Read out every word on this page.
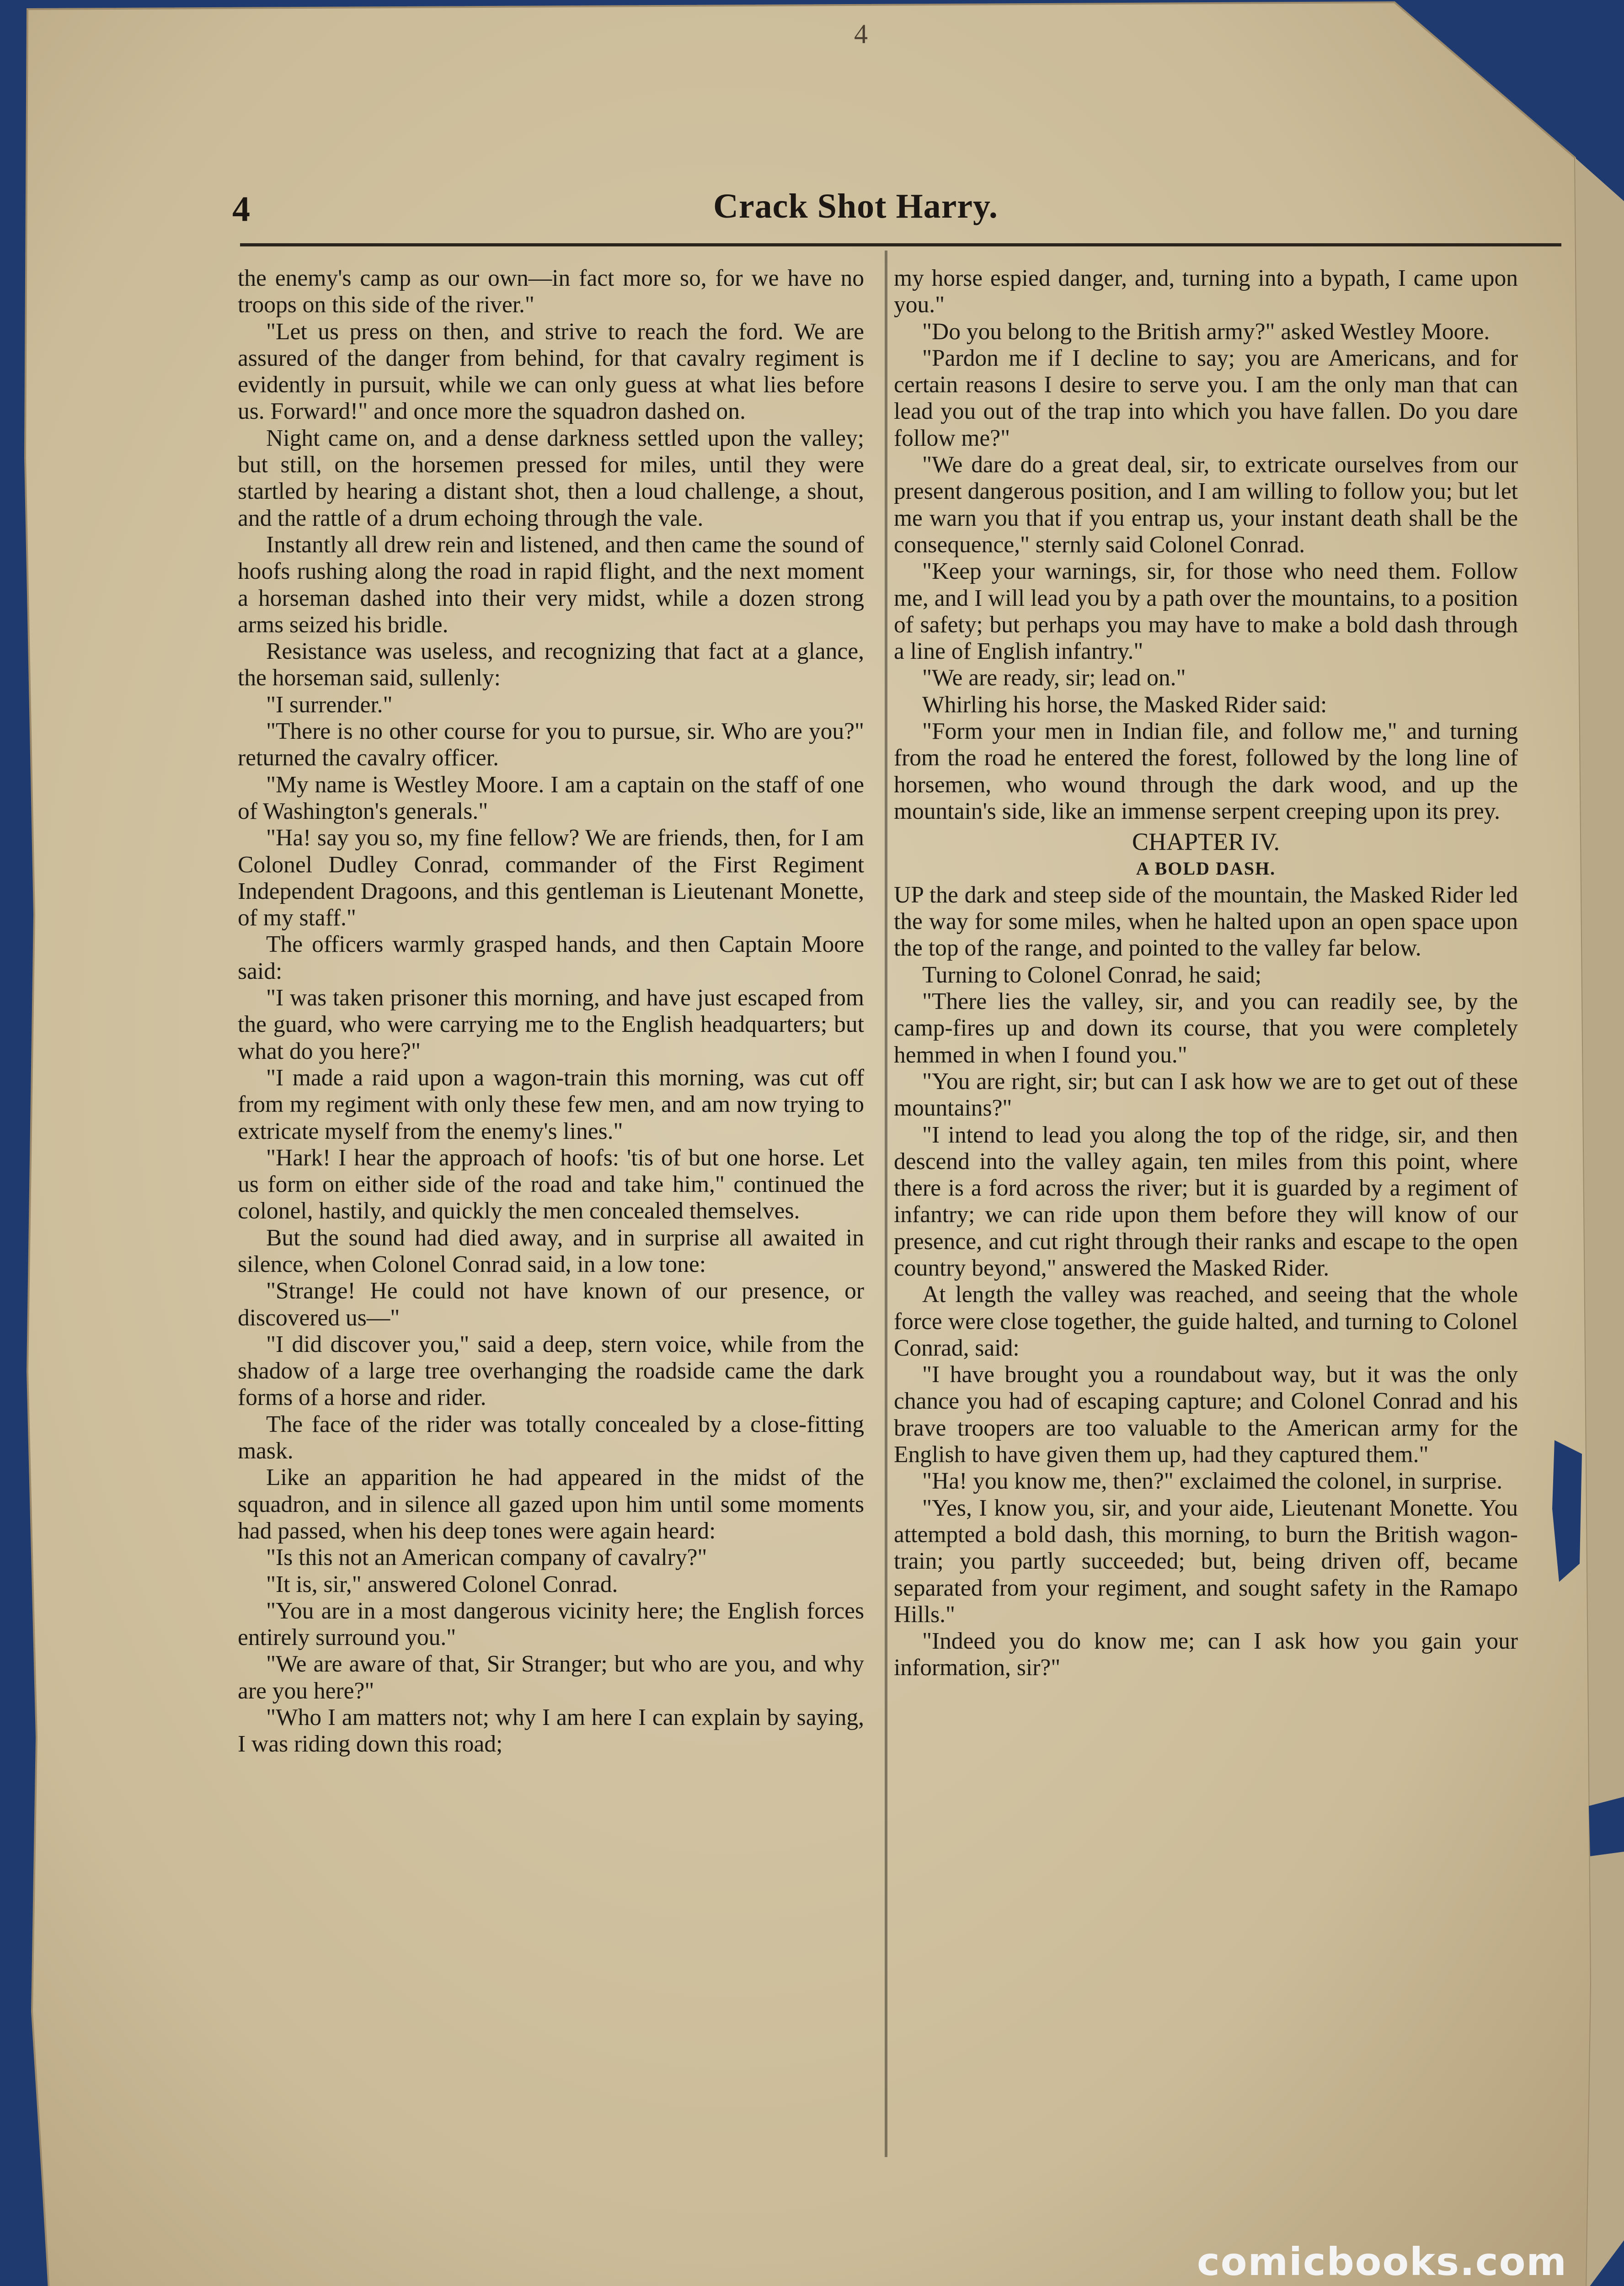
4	Crack Shot Harry.

the enemy's camp as our own—in fact more so, for we have no troops on this side of the river."

"Let us press on then, and strive to reach the ford. We are assured of the danger from behind, for that cavalry regiment is evidently in pursuit, while we can only guess at what lies before us. Forward!" and once more the squadron dashed on.

Night came on, and a dense darkness settled upon the valley; but still, on the horsemen pressed for miles, until they were startled by hearing a distant shot, then a loud challenge, a shout, and the rattle of a drum echoing through the vale.

Instantly all drew rein and listened, and then came the sound of hoofs rushing along the road in rapid flight, and the next moment a horseman dashed into their very midst, while a dozen strong arms seized his bridle.

Resistance was useless, and recognizing that fact at a glance, the horseman said, sullenly:

"I surrender."

"There is no other course for you to pursue, sir. Who are you?" returned the cavalry officer.

"My name is Westley Moore. I am a captain on the staff of one of Washington's generals."

"Ha! say you so, my fine fellow? We are friends, then, for I am Colonel Dudley Conrad, commander of the First Regiment Independent Dragoons, and this gentleman is Lieutenant Monette, of my staff."

The officers warmly grasped hands, and then Captain Moore said:

"I was taken prisoner this morning, and have just escaped from the guard, who were carrying me to the English headquarters; but what do you here?"

"I made a raid upon a wagon-train this morning, was cut off from my regiment with only these few men, and am now trying to extricate myself from the enemy's lines."

"Hark! I hear the approach of hoofs: 'tis of but one horse. Let us form on either side of the road and take him," continued the colonel, hastily, and quickly the men concealed themselves.

But the sound had died away, and in surprise all awaited in silence, when Colonel Conrad said, in a low tone:

"Strange! He could not have known of our presence, or discovered us—"

"I did discover you," said a deep, stern voice, while from the shadow of a large tree overhanging the roadside came the dark forms of a horse and rider.

The face of the rider was totally concealed by a close-fitting mask.

Like an apparition he had appeared in the midst of the squadron, and in silence all gazed upon him until some moments had passed, when his deep tones were again heard:

"Is this not an American company of cavalry?"

"It is, sir," answered Colonel Conrad.

"You are in a most dangerous vicinity here; the English forces entirely surround you."

"We are aware of that, Sir Stranger; but who are you, and why are you here?"

"Who I am matters not; why I am here I can explain by saying, I was riding down this road;

my horse espied danger, and, turning into a bypath, I came upon you."

"Do you belong to the British army?" asked Westley Moore.

"Pardon me if I decline to say; you are Americans, and for certain reasons I desire to serve you. I am the only man that can lead you out of the trap into which you have fallen. Do you dare follow me?"

"We dare do a great deal, sir, to extricate ourselves from our present dangerous position, and I am willing to follow you; but let me warn you that if you entrap us, your instant death shall be the consequence," sternly said Colonel Conrad.

"Keep your warnings, sir, for those who need them. Follow me, and I will lead you by a path over the mountains, to a position of safety; but perhaps you may have to make a bold dash through a line of English infantry."

"We are ready, sir; lead on."

Whirling his horse, the Masked Rider said:

"Form your men in Indian file, and follow me," and turning from the road he entered the forest, followed by the long line of horsemen, who wound through the dark wood, and up the mountain's side, like an immense serpent creeping upon its prey.

CHAPTER IV.

A BOLD DASH.

UP the dark and steep side of the mountain, the Masked Rider led the way for some miles, when he halted upon an open space upon the top of the range, and pointed to the valley far below.

Turning to Colonel Conrad, he said;

"There lies the valley, sir, and you can readily see, by the camp-fires up and down its course, that you were completely hemmed in when I found you."

"You are right, sir; but can I ask how we are to get out of these mountains?"

"I intend to lead you along the top of the ridge, sir, and then descend into the valley again, ten miles from this point, where there is a ford across the river; but it is guarded by a regiment of infantry; we can ride upon them before they will know of our presence, and cut right through their ranks and escape to the open country beyond," answered the Masked Rider.

At length the valley was reached, and seeing that the whole force were close together, the guide halted, and turning to Colonel Conrad, said:

"I have brought you a roundabout way, but it was the only chance you had of escaping capture; and Colonel Conrad and his brave troopers are too valuable to the American army for the English to have given them up, had they captured them."

"Ha! you know me, then?" exclaimed the colonel, in surprise.

"Yes, I know you, sir, and your aide, Lieutenant Monette. You attempted a bold dash, this morning, to burn the British wagon-train; you partly succeeded; but, being driven off, became separated from your regiment, and sought safety in the Ramapo Hills."

"Indeed you do know me; can I ask how you gain your information, sir?"

4
comicbooks.com
